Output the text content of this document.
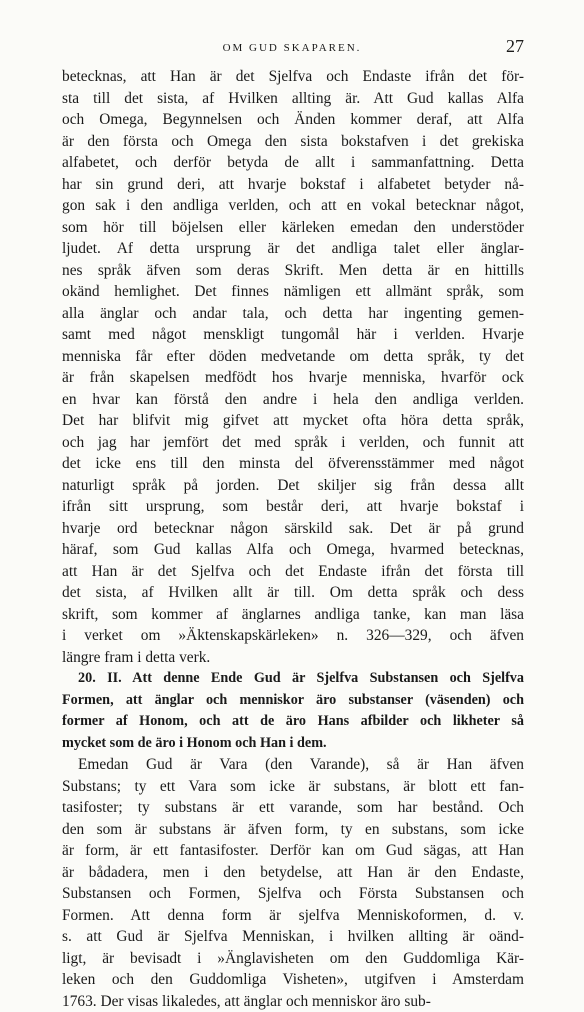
OM GUD SKAPAREN.	27
betecknas, att Han är det Sjelfva och Endaste ifrån det för-
sta till det sista, af Hvilken allting är. Att Gud kallas Alfa
och Omega, Begynnelsen och Änden kommer deraf, att Alfa
är den första och Omega den sista bokstafven i det grekiska
alfabetet, och derför betyda de allt i sammanfattning. Detta
har sin grund deri, att hvarje bokstaf i alfabetet betyder nå-
gon sak i den andliga verlden, och att en vokal betecknar något,
som hör till böjelsen eller kärleken emedan den understöder
ljudet. Af detta ursprung är det andliga talet eller änglar-
nes språk äfven som deras Skrift. Men detta är en hittills
okänd hemlighet. Det finnes nämligen ett allmänt språk, som
alla änglar och andar tala, och detta har ingenting gemen-
samt med något menskligt tungomål här i verlden. Hvarje
menniska får efter döden medvetande om detta språk, ty det
är från skapelsen medfödt hos hvarje menniska, hvarför ock
en hvar kan förstå den andre i hela den andliga verlden.
Det har blifvit mig gifvet att mycket ofta höra detta språk,
och jag har jemfört det med språk i verlden, och funnit att
det icke ens till den minsta del öfverensstämmer med något
naturligt språk på jorden. Det skiljer sig från dessa allt
ifrån sitt ursprung, som består deri, att hvarje bokstaf i
hvarje ord betecknar någon särskild sak. Det är på grund
häraf, som Gud kallas Alfa och Omega, hvarmed betecknas,
att Han är det Sjelfva och det Endaste ifrån det första till
det sista, af Hvilken allt är till. Om detta språk och dess
skrift, som kommer af änglarnes andliga tanke, kan man läsa
i verket om »Äktenskapskärleken» n. 326—329, och äfven
längre fram i detta verk.
20. II. Att denne Ende Gud är Sjelfva Substansen och Sjelfva
Formen, att änglar och menniskor äro substanser (väsenden) och
former af Honom, och att de äro Hans afbilder och likheter så
mycket som de äro i Honom och Han i dem.
Emedan Gud är Vara (den Varande), så är Han äfven
Substans; ty ett Vara som icke är substans, är blott ett fan-
tasifoster; ty substans är ett varande, som har bestånd. Och
den som är substans är äfven form, ty en substans, som icke
är form, är ett fantasifoster. Derför kan om Gud sägas, att Han
är bådadera, men i den betydelse, att Han är den Endaste,
Substansen och Formen, Sjelfva och Första Substansen och
Formen. Att denna form är sjelfva Menniskoformen, d. v.
s. att Gud är Sjelfva Menniskan, i hvilken allting är oänd-
ligt, är bevisadt i »Änglavisheten om den Guddomliga Kär-
leken och den Guddomliga Visheten», utgifven i Amsterdam
1763. Der visas likaledes, att änglar och menniskor äro sub-
